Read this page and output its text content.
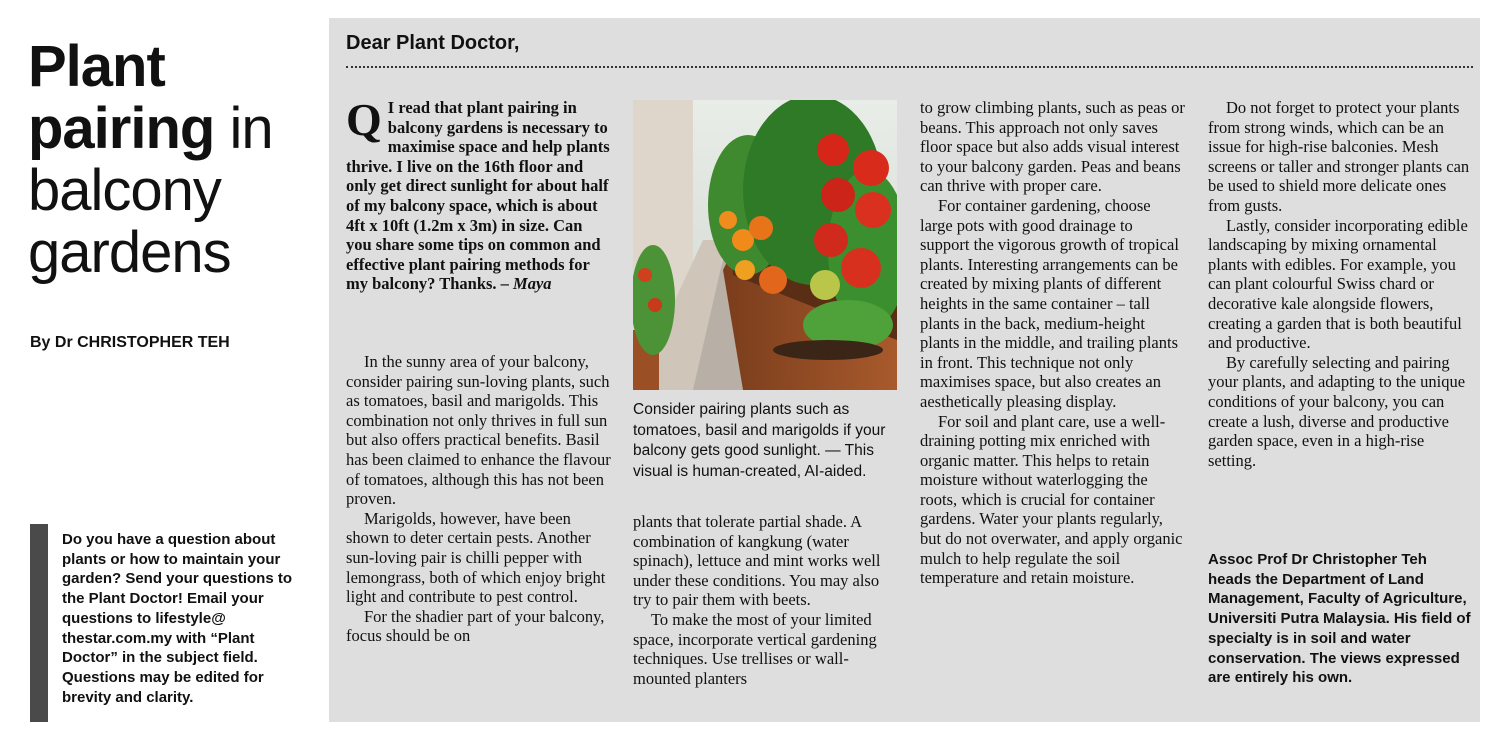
Plant
pairing in
balcony
gardens
By Dr CHRISTOPHER TEH
Do you have a question about plants or how to maintain your garden? Send your questions to the Plant Doctor! Email your questions to lifestyle@ thestar.com.my with “Plant Doctor” in the subject field. Questions may be edited for brevity and clarity.
Dear Plant Doctor,
Q I read that plant pairing in balcony gardens is necessary to maximise space and help plants thrive. I live on the 16th floor and only get direct sunlight for about half of my balcony space, which is about 4ft x 10ft (1.2m x 3m) in size. Can you share some tips on common and effective plant pairing methods for my balcony? Thanks. – Maya

In the sunny area of your balcony, consider pairing sun-loving plants, such as tomatoes, basil and marigolds. This combination not only thrives in full sun but also offers practical benefits. Basil has been claimed to enhance the flavour of tomatoes, although this has not been proven.

Marigolds, however, have been shown to deter certain pests. Another sun-loving pair is chilli pepper with lemongrass, both of which enjoy bright light and contribute to pest control.

For the shadier part of your balcony, focus should be on

Consider pairing plants such as tomatoes, basil and marigolds if your balcony gets good sunlight. — This visual is human-created, AI-aided.

plants that tolerate partial shade. A combination of kangkung (water spinach), lettuce and mint works well under these conditions. You may also try to pair them with beets.

To make the most of your limited space, incorporate vertical gardening techniques. Use trellises or wall-mounted planters

to grow climbing plants, such as peas or beans. This approach not only saves floor space but also adds visual interest to your balcony garden. Peas and beans can thrive with proper care.

For container gardening, choose large pots with good drainage to support the vigorous growth of tropical plants. Interesting arrangements can be created by mixing plants of different heights in the same container – tall plants in the back, medium-height plants in the middle, and trailing plants in front. This technique not only maximises space, but also creates an aesthetically pleasing display.

For soil and plant care, use a well-draining potting mix enriched with organic matter. This helps to retain moisture without waterlogging the roots, which is crucial for container gardens. Water your plants regularly, but do not overwater, and apply organic mulch to help regulate the soil temperature and retain moisture.

Do not forget to protect your plants from strong winds, which can be an issue for high-rise balconies. Mesh screens or taller and stronger plants can be used to shield more delicate ones from gusts.

Lastly, consider incorporating edible landscaping by mixing ornamental plants with edibles. For example, you can plant colourful Swiss chard or decorative kale alongside flowers, creating a garden that is both beautiful and productive.

By carefully selecting and pairing your plants, and adapting to the unique conditions of your balcony, you can create a lush, diverse and productive garden space, even in a high-rise setting.

Assoc Prof Dr Christopher Teh heads the Department of Land Management, Faculty of Agriculture, Universiti Putra Malaysia. His field of specialty is in soil and water conservation. The views expressed are entirely his own.
